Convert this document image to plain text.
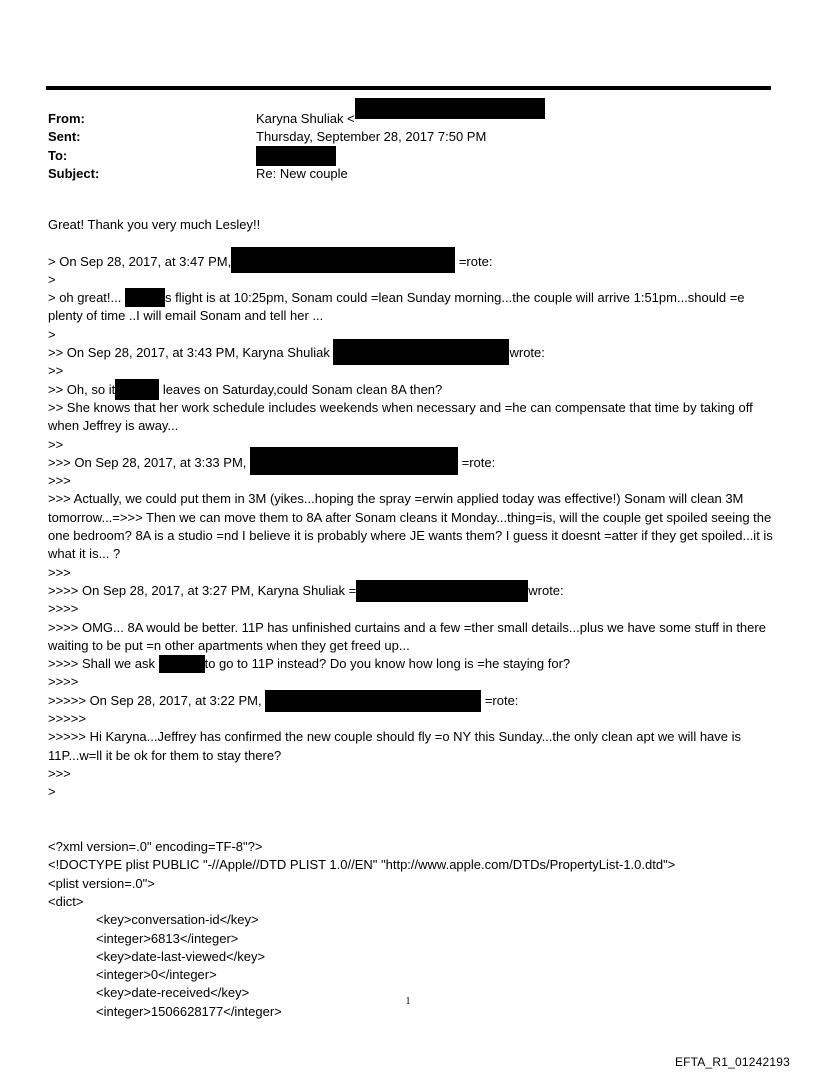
From:	Karyna Shuliak <
Sent:	Thursday, September 28, 2017 7:50 PM
To:
Subject:	Re: New couple
Great! Thank you very much Lesley!!
> On Sep 28, 2017, at 3:47 PM,	=rote:
>
> oh great!...	s flight is at 10:25pm, Sonam could =lean Sunday morning...the couple will arrive 1:51pm...should =e
plenty of time ..I will email Sonam and tell her ...
>
>> On Sep 28, 2017, at 3:43 PM, Karyna Shuliak	wrote:
>>
>> Oh, so it	leaves on Saturday,could Sonam clean 8A then?
>> She knows that her work schedule includes weekends when necessary and =he can compensate that time by taking off when Jeffrey is away...
>>
>>> On Sep 28, 2017, at 3:33 PM,	=rote:
>>>
>>> Actually, we could put them in 3M (yikes...hoping the spray =erwin applied today was effective!) Sonam will clean 3M tomorrow...=>>> Then we can move them to 8A after Sonam cleans it Monday...thing=is, will the couple get spoiled seeing the one bedroom? 8A is a studio =nd I believe it is probably where JE wants them? I guess it doesnt =atter if they get spoiled...it is what it is... ?
>>>
>>>> On Sep 28, 2017, at 3:27 PM, Karyna Shuliak =	wrote:
>>>>
>>>> OMG... 8A would be better. 11P has unfinished curtains and a few =ther small details...plus we have some stuff in there waiting to be put =n other apartments when they get freed up...
>>>> Shall we ask	to go to 11P instead? Do you know how long is =he staying for?
>>>>
>>>>> On Sep 28, 2017, at 3:22 PM,	=rote:
>>>>>
>>>>> Hi Karyna...Jeffrey has confirmed the new couple should fly =o NY this Sunday...the only clean apt we will have is 11P...w=ll it be ok for them to stay there?
>>>
>
<?xml version=.0" encoding=TF-8"?>
<!DOCTYPE plist PUBLIC "-//Apple//DTD PLIST 1.0//EN" "http://www.apple.com/DTDs/PropertyList-1.0.dtd">
<plist version=.0">
<dict>
<key>conversation-id</key>
<integer>6813</integer>
<key>date-last-viewed</key>
<integer>0</integer>
<key>date-received</key>
<integer>1506628177</integer>
1
EFTA_R1_01242193
